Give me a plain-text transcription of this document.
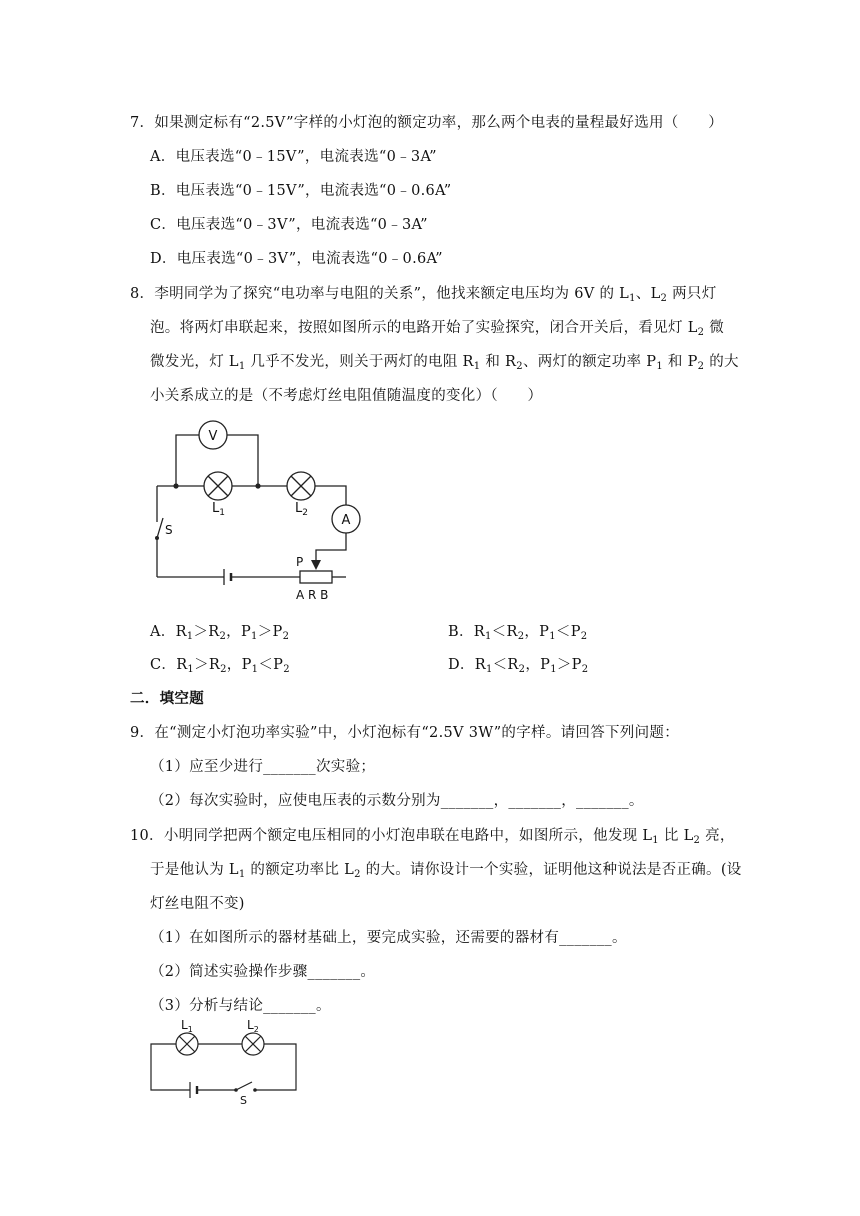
7．如果测定标有“2.5V”字样的小灯泡的额定功率，那么两个电表的量程最好选用（　　）
A．电压表选“0﹣15V”，电流表选“0﹣3A”
B．电压表选“0﹣15V”，电流表选“0﹣0.6A”
C．电压表选“0﹣3V”，电流表选“0﹣3A”
D．电压表选“0﹣3V”，电流表选“0﹣0.6A”
8．李明同学为了探究“电功率与电阻的关系”，他找来额定电压均为 6V 的 $L_1$、$L_2$ 两只灯
泡。将两灯串联起来，按照如图所示的电路开始了实验探究，闭合开关后，看见灯 $L_2$ 微
微发光，灯 $L_1$ 几乎不发光，则关于两灯的电阻 $R_1$ 和 $R_2$、两灯的额定功率 $P_1$ 和 $P_2$ 的大
小关系成立的是（不考虑灯丝电阻值随温度的变化）（　　）
V
$L_1$	$L_2$	A
S
P
A R B
A．$R_1>R_2$，$P_1>P_2$	B．$R_1<R_2$，$P_1<P_2$
C．$R_1>R_2$，$P_1<P_2$	D．$R_1<R_2$，$P_1>P_2$
二．填空题
9．在“测定小灯泡功率实验”中，小灯泡标有“2.5V 3W”的字样。请回答下列问题：
（1）应至少进行_______次实验；
（2）每次实验时，应使电压表的示数分别为_______，_______，_______。
10．小明同学把两个额定电压相同的小灯泡串联在电路中，如图所示，他发现 $L_1$ 比 $L_2$ 亮，
于是他认为 $L_1$ 的额定功率比 $L_2$ 的大。请你设计一个实验，证明他这种说法是否正确。(设
灯丝电阻不变)
（1）在如图所示的器材基础上，要完成实验，还需要的器材有_______。
（2）简述实验操作步骤_______。
（3）分析与结论_______。
$L_1$	$L_2$
S
